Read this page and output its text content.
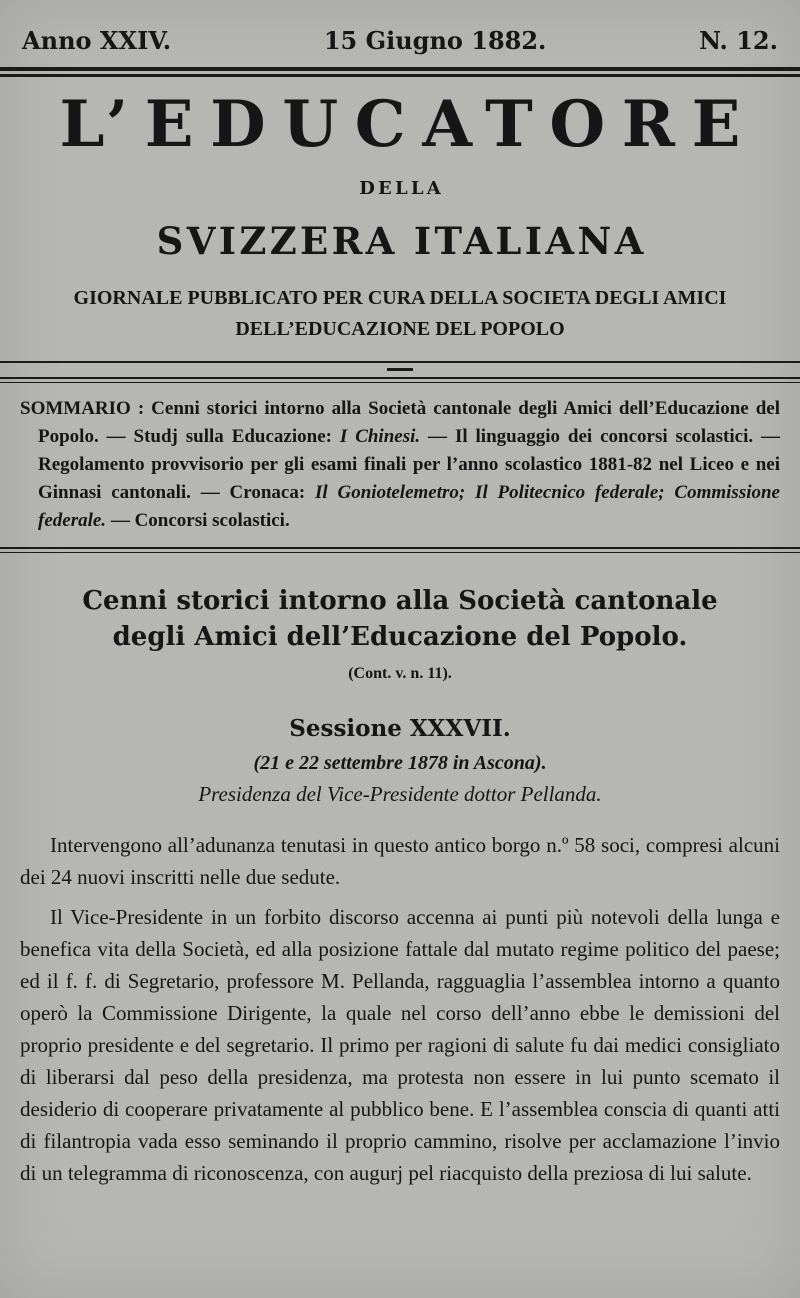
Anno XXIV.	15 Giugno 1882.	N. 12.
L’EDUCATORE
DELLA
SVIZZERA ITALIANA
GIORNALE PUBBLICATO PER CURA DELLA SOCIETA DEGLI AMICI
DELL’EDUCAZIONE DEL POPOLO

SOMMARIO : Cenni storici intorno alla Società cantonale degli Amici dell’Educazione del Popolo. — Studj sulla Educazione: I Chinesi. — Il linguaggio dei concorsi scolastici. — Regolamento provvisorio per gli esami finali per l’anno scolastico 1881-82 nel Liceo e nei Ginnasi cantonali. — Cronaca: Il Goniotelemetro; Il Politecnico federale; Commissione federale. — Concorsi scolastici.

Cenni storici intorno alla Società cantonale
degli Amici dell’Educazione del Popolo.
(Cont. v. n. 11).
Sessione XXXVII.
(21 e 22 settembre 1878 in Ascona).
Presidenza del Vice-Presidente dottor Pellanda.

Intervengono all’adunanza tenutasi in questo antico borgo n.º 58 soci, compresi alcuni dei 24 nuovi inscritti nelle due sedute.

Il Vice-Presidente in un forbito discorso accenna ai punti più notevoli della lunga e benefica vita della Società, ed alla posizione fattale dal mutato regime politico del paese; ed il f. f. di Segretario, professore M. Pellanda, ragguaglia l’assemblea intorno a quanto operò la Commissione Dirigente, la quale nel corso dell’anno ebbe le demissioni del proprio presidente e del segretario. Il primo per ragioni di salute fu dai medici consigliato di liberarsi dal peso della presidenza, ma protesta non essere in lui punto scemato il desiderio di cooperare privatamente al pubblico bene. E l’assemblea conscia di quanti atti di filantropia vada esso seminando il proprio cammino, risolve per acclamazione l’invio di un telegramma di riconoscenza, con augurj pel riacquisto della preziosa di lui salute.
